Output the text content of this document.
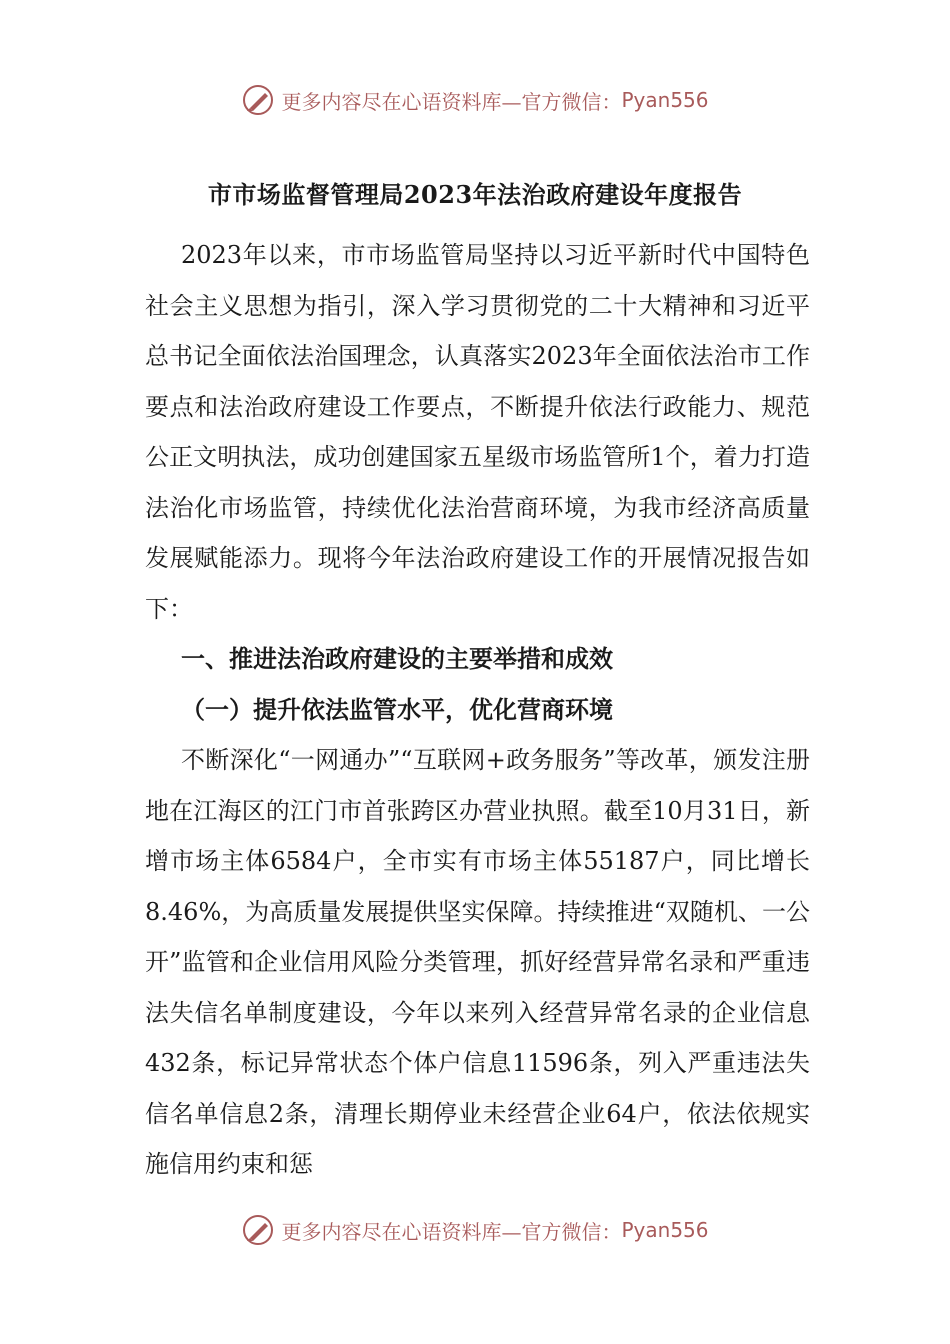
更多内容尽在心语资料库—官方微信： Pyan556
市市场监督管理局2023年法治政府建设年度报告

2023年以来，市市场监管局坚持以习近平新时代中国特色社会主义思想为指引，深入学习贯彻党的二十大精神和习近平总书记全面依法治国理念，认真落实2023年全面依法治市工作要点和法治政府建设工作要点，不断提升依法行政能力、规范公正文明执法，成功创建国家五星级市场监管所1个，着力打造法治化市场监管，持续优化法治营商环境，为我市经济高质量发展赋能添力。现将今年法治政府建设工作的开展情况报告如下：

一、推进法治政府建设的主要举措和成效

（一）提升依法监管水平，优化营商环境

不断深化“一网通办”“互联网+政务服务”等改革，颁发注册地在江海区的江门市首张跨区办营业执照。截至10月31日，新增市场主体6584户，全市实有市场主体55187户，同比增长8.46%，为高质量发展提供坚实保障。持续推进“双随机、一公开”监管和企业信用风险分类管理，抓好经营异常名录和严重违法失信名单制度建设，今年以来列入经营异常名录的企业信息432条，标记异常状态个体户信息11596条，列入严重违法失信名单信息2条，清理长期停业未经营企业64户，依法依规实施信用约束和惩

更多内容尽在心语资料库—官方微信： Pyan556
